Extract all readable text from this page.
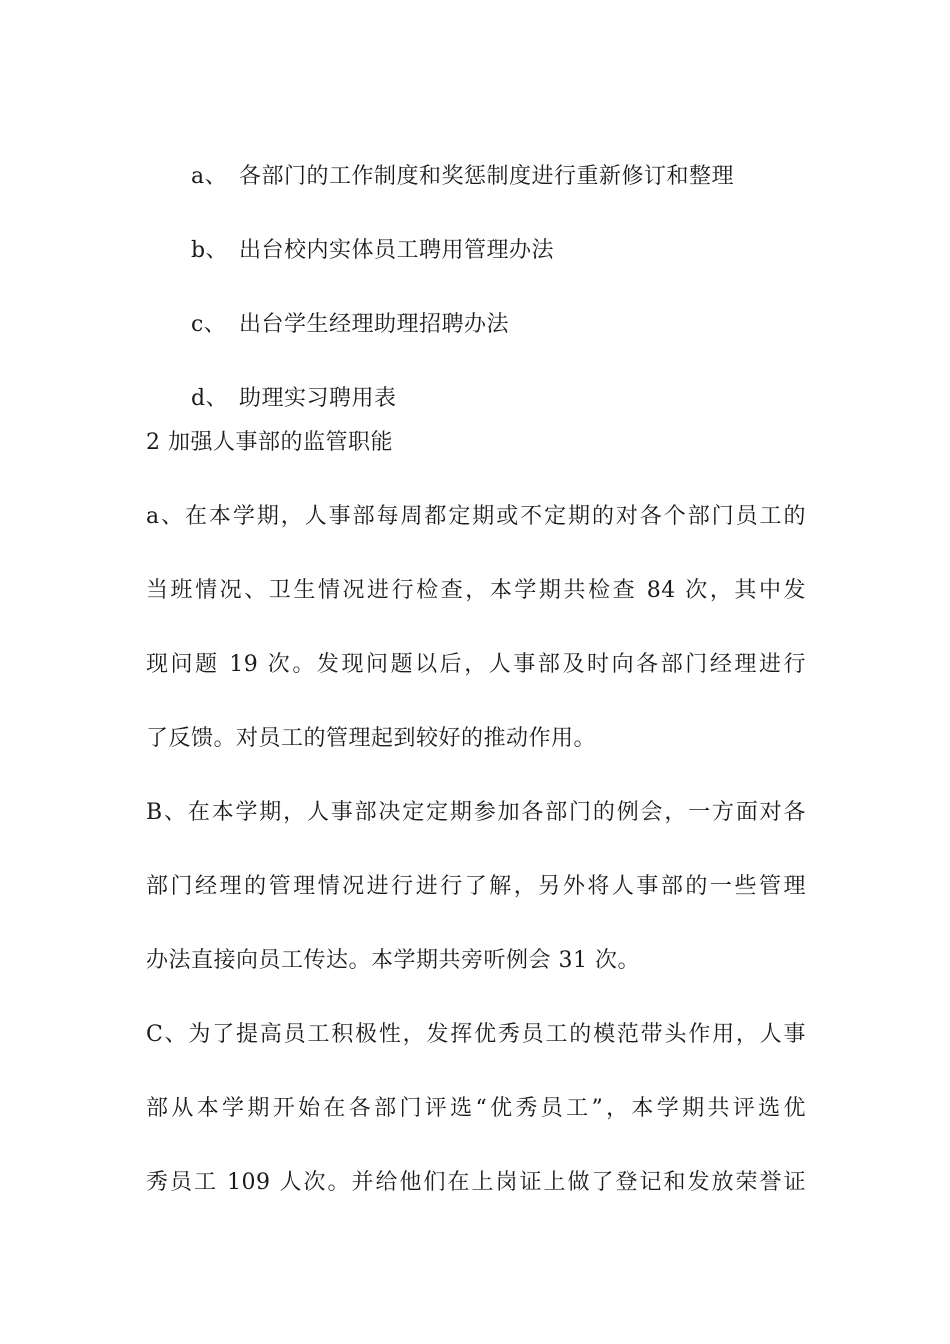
a、 各部门的工作制度和奖惩制度进行重新修订和整理

b、 出台校内实体员工聘用管理办法

c、 出台学生经理助理招聘办法

d、 助理实习聘用表

2 加强人事部的监管职能
a、在本学期，人事部每周都定期或不定期的对各个部门员工的
当班情况、卫生情况进行检查，本学期共检查 84 次，其中发
现问题 19 次。发现问题以后，人事部及时向各部门经理进行
了反馈。对员工的管理起到较好的推动作用。
B、在本学期，人事部决定定期参加各部门的例会，一方面对各
部门经理的管理情况进行进行了解，另外将人事部的一些管理
办法直接向员工传达。本学期共旁听例会 31 次。
C、为了提高员工积极性，发挥优秀员工的模范带头作用，人事
部从本学期开始在各部门评选“优秀员工”，本学期共评选优
秀员工 109 人次。并给他们在上岗证上做了登记和发放荣誉证
